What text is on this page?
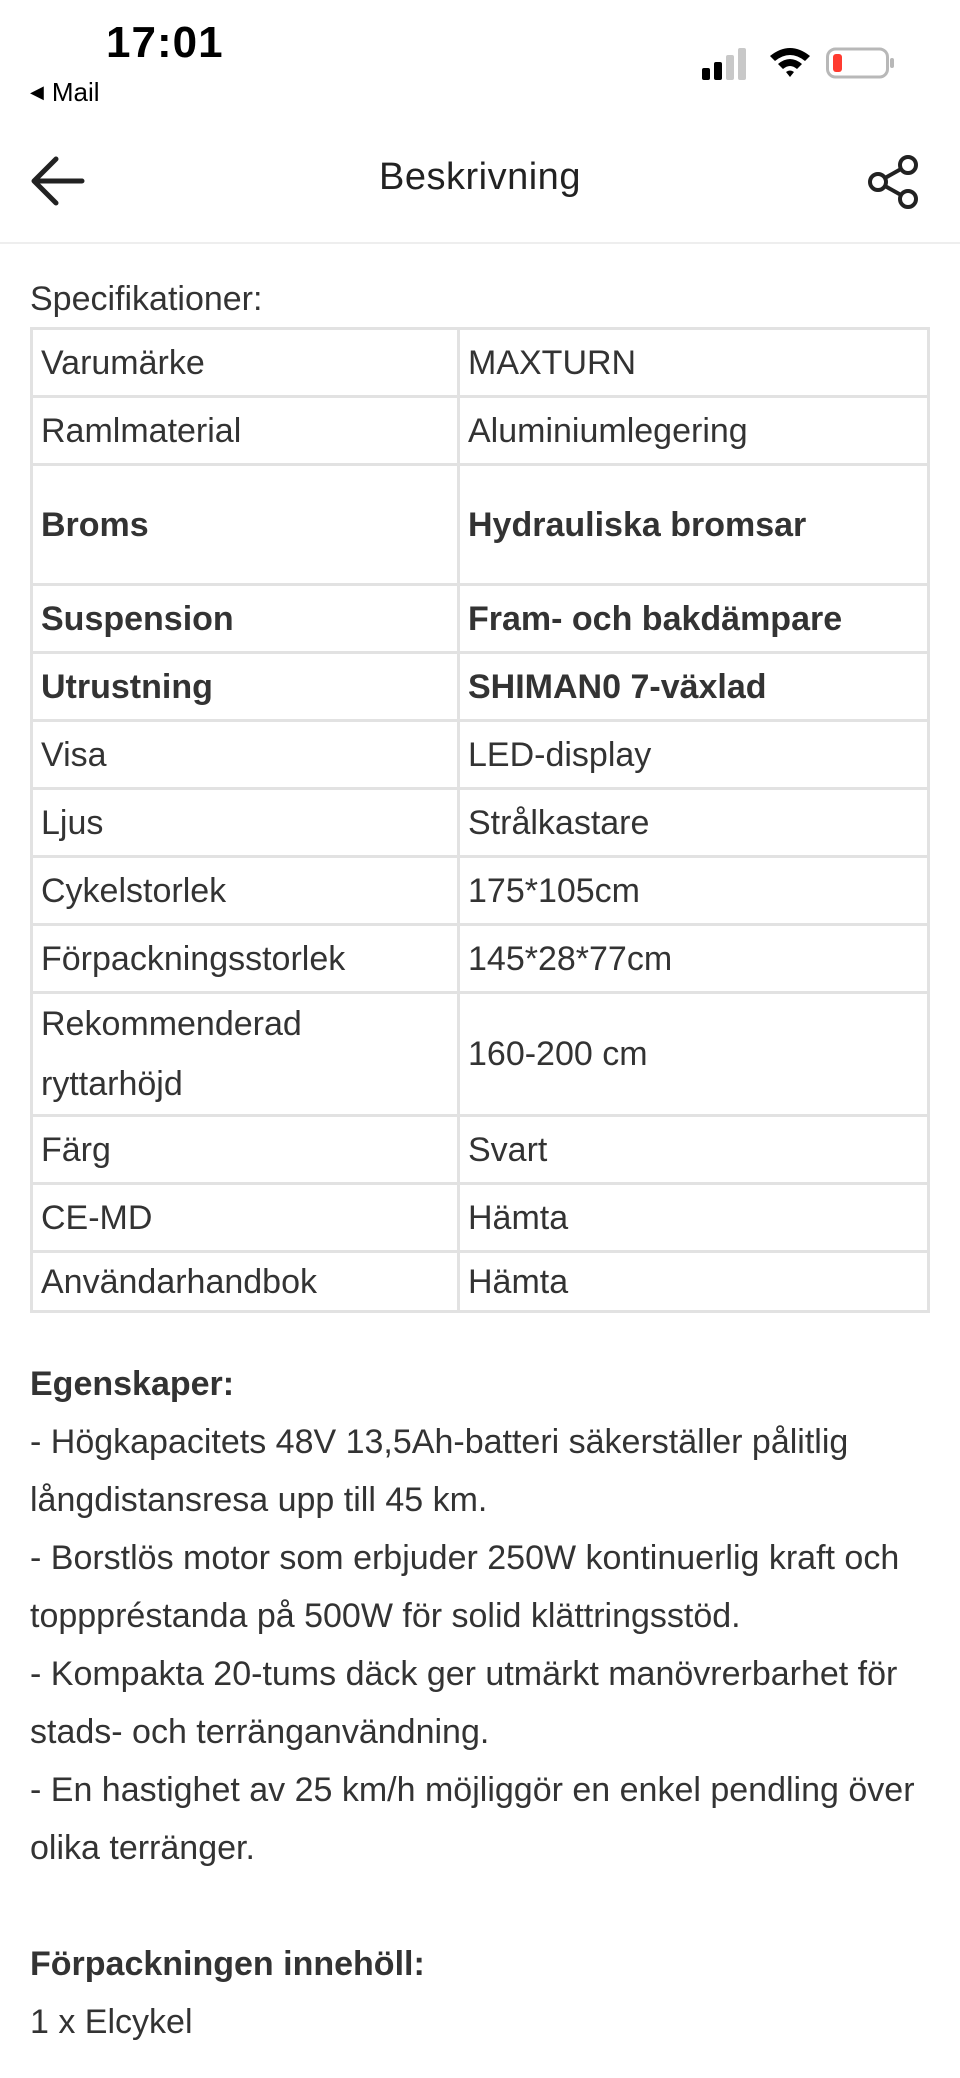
17:01
◀ Mail
Beskrivning
Specifikationer:
Varumärke	MAXTURN
Ramlmaterial	Aluminiumlegering
Broms	Hydrauliska bromsar
Suspension	Fram- och bakdämpare
Utrustning	SHIMAN0 7-växlad
Visa	LED-display
Ljus	Strålkastare
Cykelstorlek	175*105cm
Förpackningsstorlek	145*28*77cm
Rekommenderad ryttarhöjd	160-200 cm
Färg	Svart
CE-MD	Hämta
Användarhandbok	Hämta
Egenskaper:
- Högkapacitets 48V 13,5Ah-batteri säkerställer pålitlig långdistansresa upp till 45 km.
- Borstlös motor som erbjuder 250W kontinuerlig kraft och topppréstanda på 500W för solid klättringsstöd.
- Kompakta 20-tums däck ger utmärkt manövrerbarhet för stads- och terränganvändning.
- En hastighet av 25 km/h möjliggör en enkel pendling över olika terränger.
Förpackningen innehöll:
1 x Elcykel
